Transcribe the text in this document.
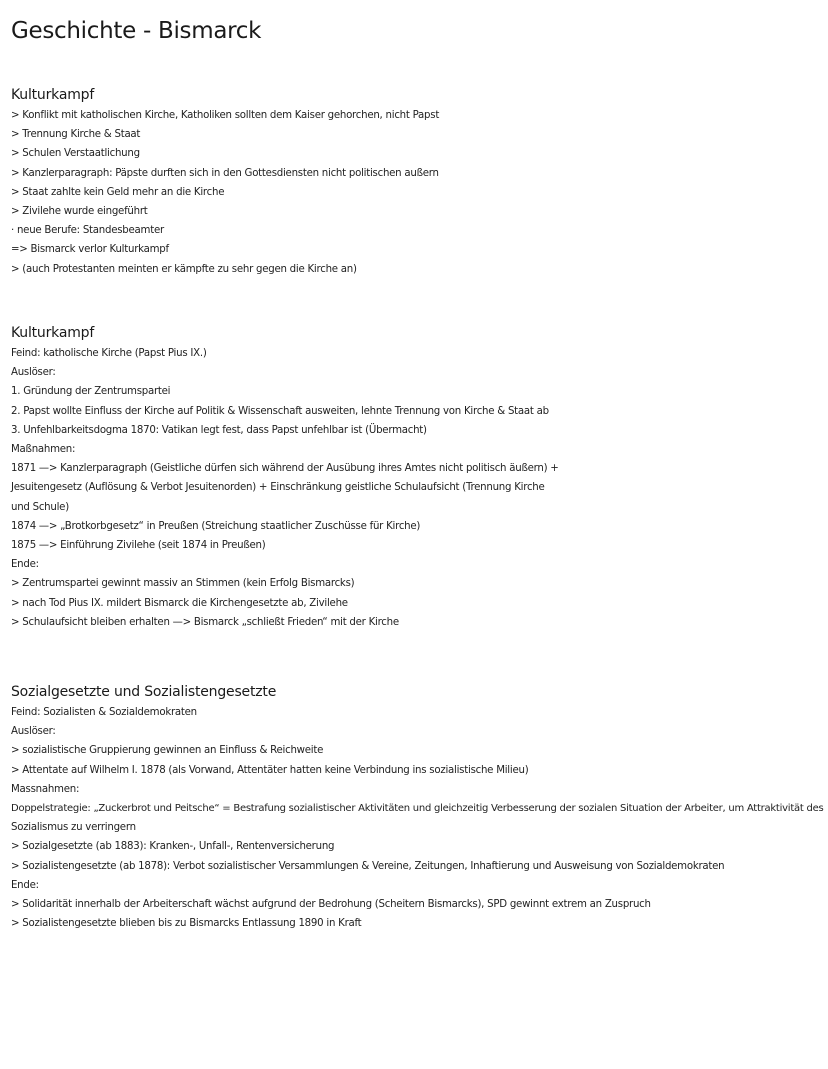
Geschichte - Bismarck
Kulturkampf
> Konflikt mit katholischen Kirche, Katholiken sollten dem Kaiser gehorchen, nicht Papst
> Trennung Kirche & Staat
> Schulen Verstaatlichung
> Kanzlerparagraph: Päpste durften sich in den Gottesdiensten nicht politischen außern
> Staat zahlte kein Geld mehr an die Kirche
> Zivilehe wurde eingeführt
· neue Berufe: Standesbeamter
=> Bismarck verlor Kulturkampf
> (auch Protestanten meinten er kämpfte zu sehr gegen die Kirche an)
Kulturkampf
Feind: katholische Kirche (Papst Pius IX.)
Auslöser:
1. Gründung der Zentrumspartei
2. Papst wollte Einfluss der Kirche auf Politik & Wissenschaft ausweiten, lehnte Trennung von Kirche & Staat ab
3. Unfehlbarkeitsdogma 1870: Vatikan legt fest, dass Papst unfehlbar ist (Übermacht)
Maßnahmen:
1871 —> Kanzlerparagraph (Geistliche dürfen sich während der Ausübung ihres Amtes nicht politisch äußern) +
Jesuitengesetz (Auflösung & Verbot Jesuitenorden) + Einschränkung geistliche Schulaufsicht (Trennung Kirche
und Schule)
1874 —> „Brotkorbgesetz“ in Preußen (Streichung staatlicher Zuschüsse für Kirche)
1875 —> Einführung Zivilehe (seit 1874 in Preußen)
Ende:
> Zentrumspartei gewinnt massiv an Stimmen (kein Erfolg Bismarcks)
> nach Tod Pius IX. mildert Bismarck die Kirchengesetzte ab, Zivilehe
> Schulaufsicht bleiben erhalten —> Bismarck „schließt Frieden“ mit der Kirche
Sozialgesetzte und Sozialistengesetzte
Feind: Sozialisten & Sozialdemokraten
Auslöser:
> sozialistische Gruppierung gewinnen an Einfluss & Reichweite
> Attentate auf Wilhelm I. 1878 (als Vorwand, Attentäter hatten keine Verbindung ins sozialistische Milieu)
Massnahmen:
Doppelstrategie: „Zuckerbrot und Peitsche“ = Bestrafung sozialistischer Aktivitäten und gleichzeitig Verbesserung der sozialen Situation der Arbeiter, um Attraktivität des
Sozialismus zu verringern
> Sozialgesetzte (ab 1883): Kranken-, Unfall-, Rentenversicherung
> Sozialistengesetzte (ab 1878): Verbot sozialistischer Versammlungen & Vereine, Zeitungen, Inhaftierung und Ausweisung von Sozialdemokraten
Ende:
> Solidarität innerhalb der Arbeiterschaft wächst aufgrund der Bedrohung (Scheitern Bismarcks), SPD gewinnt extrem an Zuspruch
> Sozialistengesetzte blieben bis zu Bismarcks Entlassung 1890 in Kraft
